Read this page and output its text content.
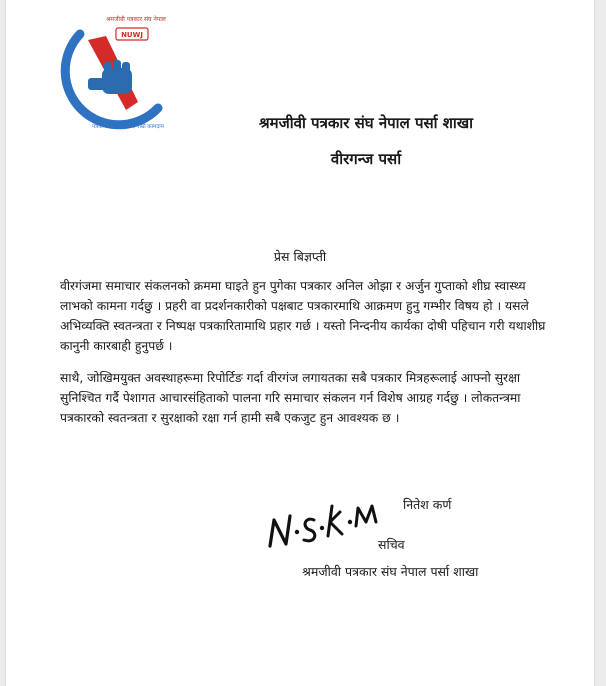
NUWJ
श्रमजीवी पत्रकार संघ नेपाल
पत्रकार उचित सम्मान, राम्रो कामदाम	श्रमजीवी पत्रकार संघ नेपाल पर्सा शाखा
वीरगन्ज पर्सा
प्रेस बिज्ञप्ती

वीरगंजमा समाचार संकलनको क्रममा घाइते हुन पुगेका पत्रकार अनिल ओझा र अर्जुन गुप्ताको शीघ्र स्वास्थ्य लाभको कामना गर्दछु । प्रहरी वा प्रदर्शनकारीको पक्षबाट पत्रकारमाथि आक्रमण हुनु गम्भीर विषय हो । यसले अभिव्यक्ति स्वतन्त्रता र निष्पक्ष पत्रकारितामाथि प्रहार गर्छ । यस्तो निन्दनीय कार्यका दोषी पहिचान गरी यथाशीघ्र कानुनी कारबाही हुनुपर्छ ।

साथै, जोखिमयुक्त अवस्थाहरूमा रिपोर्टिङ गर्दा वीरगंज लगायतका सबै पत्रकार मित्रहरूलाई आफ्नो सुरक्षा सुनिश्चित गर्दै पेशागत आचारसंहिताको पालना गरि समाचार संकलन गर्न विशेष आग्रह गर्दछु । लोकतन्त्रमा पत्रकारको स्वतन्त्रता र सुरक्षाको रक्षा गर्न हामी सबै एकजुट हुन आवश्यक छ ।

नितेश कर्ण
सचिव
श्रमजीवी पत्रकार संघ नेपाल पर्सा शाखा
